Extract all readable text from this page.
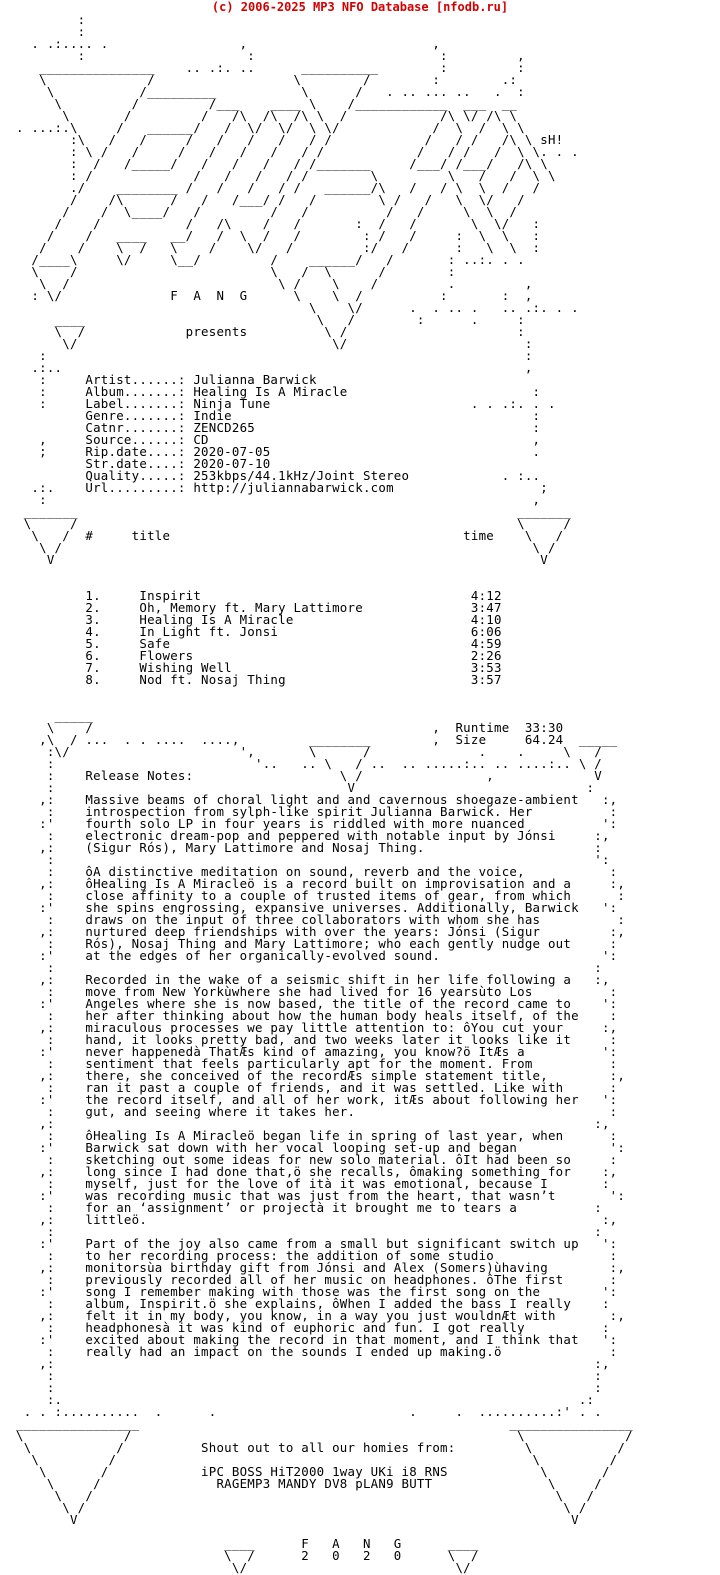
(c) 2006-2025 MP3 NFO Database [nfodb.ru]
:
:
. .:.... .                 ,                        ,
:                     :                        :         ,
_______________    .. .:. ..      __________        :         :
\             /                  \        /        :        .:
\           /_________           \      /   . .. ... ..   .  :
\         /         /___    ____ \    /____________  ___  __
\       /         /   /\  /\  /\ \  /            /\ \/ /\ \
. ...:.\     /   ______/   /  \/  \/  \ \/            /  \  /  \ \
:\   /   /     /   /   /   /   / /            /   / /   /\ \ sH!
: \ /   /     /   /   /   /   / /            /   / /   /  \ \. . .
:  /   /_____/   /   /   /   / /_______     /___/ /___/   /\ \
: /             /   /   /   / /        \         \   /   /  \ \
./    ________ /   /   /   / /   ______/\   /   / \  \  /   /
/    /\      /   /   /___/ /   /        \ /   /   \  \/   /
/    /  \____/   /         /   /          /   /     \  \  /
/    /           /   /\    /   /       :  /   /       \  \/   :
/    /   ____   __/   /  \  /   /        : /   /     :  \  \   :
/    /    \  /   \    /    \/   /         :/   /      :   \  \  :
/____\     \/     \__/         /    ______/   /       : ..:. . .
\    /                         \   /  \      /        :
\  /                           \ /    \    /         .         ,
: \/              F  A  N  G      \    \  /          :       :  ,
\    \/      .  . .. .   .. .:. . .
____                              \   /        :      .     :
\  /             presents          \ /                      :
\/                                 \/                       :
:                                                              :
.:..                                                            ,
:     Artist......: Julianna Barwick
:     Album.......: Healing Is A Miracle                        :
:     Label.......: Ninja Tune                          . . .:. . .
Genre.......: Indie                                       :
Catnr.......: ZENCD265                                    :
,     Source......: CD                                          ,
;     Rip.date....: 2020-07-05                                  .
Str.date....: 2020-07-10
Quality.....: 253kbps/44.1kHz/Joint Stereo            . :..
.:.    Url.........: http://juliannabarwick.com                   ;
:                                                               ,
_______                                                         _______
\     /                                                         \     /
\   /  #     title                                      time    \   /
\ /                                                             \ /
V                                                               V

1.     Inspirit                                   4:12
2.     Oh, Memory ft. Mary Lattimore              3:47
3.     Healing Is A Miracle                       4:10
4.     In Light ft. Jonsi                         6:06
5.     Safe                                       4:59
6.     Flowers                                    2:26
7.     Wishing Well                               3:53
8.     Nod ft. Nosaj Thing                        3:57

_____
\    /                                            ,  Runtime  33:30
,\  / ...  . . ....  ....,         ________        ,  Size     64.24  _____
:\/                      ',       \      /              .    .     \   /
:                          '..   .. \   / ..  .. .....:.. .. ....:.. \ /
:    Release Notes:                   \ /                ,             V
:                                      V                              :
,:    Massive beams of choral light and and cavernous shoegaze-ambient   :,
:    introspection from sylph-like spirit Julianna Barwick. Her          :
:'    fourth solo LP in four years is riddled with more nuanced          ':
:    electronic dream-pop and peppered with notable input by Jónsi     :,
,:    (Sigur Rós), Mary Lattimore and Nosaj Thing.                      :
:                                                                      ':
:    ôA distinctive meditation on sound, reverb and the voice,           :
,:    ôHealing Is A Miracleö is a record built on improvisation and a     :,
:    close affinity to a couple of trusted items of gear, from which      :
:'    she spins engrossing, expansive universes. Additionally, Barwick   ':
:    draws on the input of three collaborators with whom she has          :
,:    nurtured deep friendships with over the years: Jónsi (Sigur         :,
:    Rós), Nosaj Thing and Mary Lattimore; who each gently nudge out     :
:'    at the edges of her organically-evolved sound.                     ':
:                                                                      :
,:    Recorded in the wake of a seismic shift in her life following a   :,
:    move from New Yorkùwhere she had lived for 16 yearsùto Los          :
:'    Angeles where she is now based, the title of the record came to    ':
:    her after thinking about how the human body heals itself, of the    :
,:    miraculous processes we pay little attention to: ôYou cut your     :,
:    hand, it looks pretty bad, and two weeks later it looks like it     :
:'    never happenedà ThatÆs kind of amazing, you know?ö ItÆs a          ':
:    sentiment that feels particularly apt for the moment. From          :
,:    there, she conceived of the recordÆs simple statement title,        :,
:    ran it past a couple of friends, and it was settled. Like with      :
:'    the record itself, and all of her work, itÆs about following her   ':
:    gut, and seeing where it takes her.                                 :
,:                                                                      :,
:    ôHealing Is A Miracleö began life in spring of last year, when      :
:'    Barwick sat down with her vocal looping set-up and began            ':
:    sketching out some ideas for new solo material. ôIt had been so     :
,:    long since I had done that,ö she recalls, ômaking something for    :,
:    myself, just for the love of ità it was emotional, because I       :
:'    was recording music that was just from the heart, that wasn’t       ':
:    for an ‘assignment’ or projectà it brought me to tears a          :
,:    littleö.                                                           :,
:                                                                      :
:'    Part of the joy also came from a small but significant switch up   ':
:    to her recording process: the addition of some studio               :
,:    monitorsùa birthday gift from Jónsi and Alex (Somers)ùhaving        :,
:    previously recorded all of her music on headphones. ôThe first      :
:'    song I remember making with those was the first song on the        ':
:    album, Inspirit.ö she explains, ôWhen I added the bass I really    :
,:    felt it in my body, you know, in a way you just wouldnÆt with       :,
:    headphonesà it was kind of euphoric and fun. I got really          :
:'    excited about making the record in that moment, and I think that   ':
:    really had an impact on the sounds I ended up making.ö              :
,:                                                                      :,
:                                                                      :
:                                                                      :
:.                                                                   .:
. . :..........  .      .                         .     .  ..........:' . .
________________                                                ________________
\             /                                                  \             /
\           /          Shout out to all our homies from:         \           /
\         /                                                      \         /
\       /            iPC BOSS HiT2000 1way UKi i8 RNS            \       /
\     /               RAGEMP3 MANDY DV8 pLAN9 BUTT               \     /
\   /                                                            \   /
\ /                                                              \ /
V                                                                V

____      F   A   N   G      ____
\  /      2   0   2   0      \  /
\/                           \/
